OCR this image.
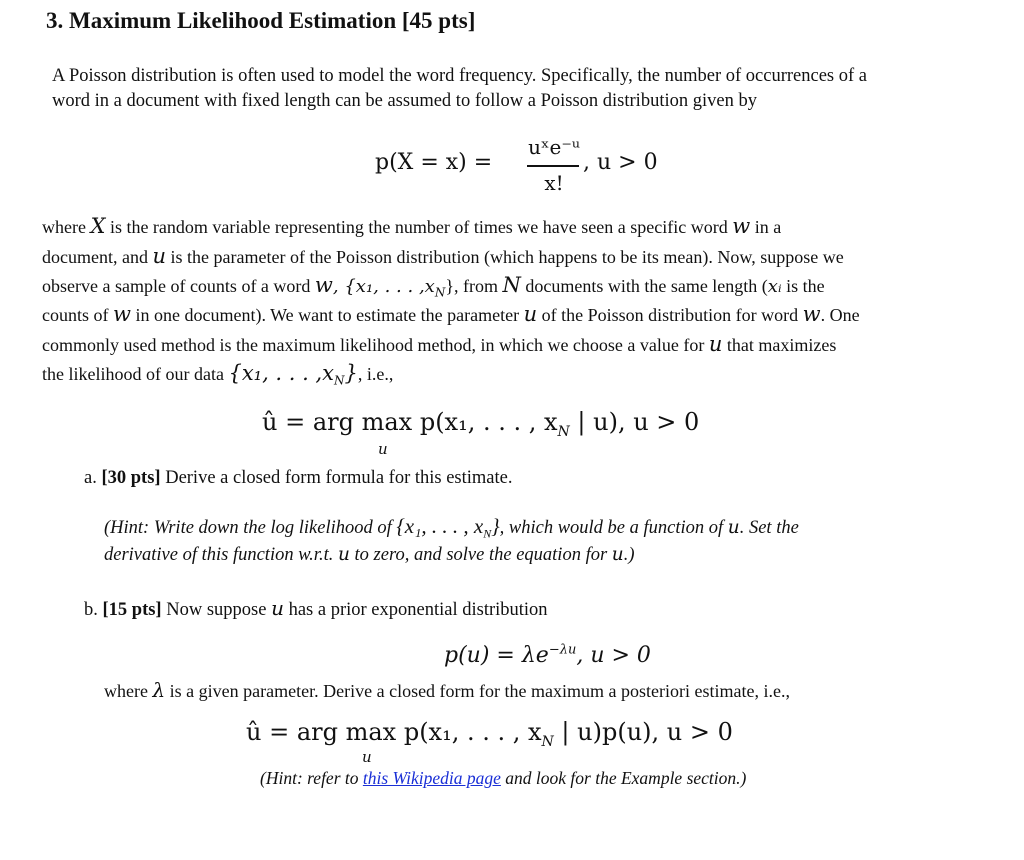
3. Maximum Likelihood Estimation [45 pts]
A Poisson distribution is often used to model the word frequency. Specifically, the number of occurrences of a
word in a document with fixed length can be assumed to follow a Poisson distribution given by
p(X = x) =
uˣe⁻ᵘ
x!
, u > 0
where X is the random variable representing the number of times we have seen a specific word w in a
document, and u is the parameter of the Poisson distribution (which happens to be its mean). Now, suppose we
observe a sample of counts of a word w, {x₁, . . . $,x_N$}, from N documents with the same length (xᵢ is the
counts of w in one document). We want to estimate the parameter u of the Poisson distribution for word w. One
commonly used method is the maximum likelihood method, in which we choose a value for u that maximizes
the likelihood of our data {x₁, . . . $,x_N$}, i.e.,
û = arg max p(x₁, . . . , $x_N$ | u), u > 0
u
a. [30 pts] Derive a closed form formula for this estimate.
(Hint: Write down the log likelihood of {x₁, . . . , $x_N$}, which would be a function of u. Set the
derivative of this function w.r.t. u to zero, and solve the equation for u.)
b. [15 pts] Now suppose u has a prior exponential distribution
$p(u) = \lambda e^{-\lambda u}$, u > 0
where λ is a given parameter. Derive a closed form for the maximum a posteriori estimate, i.e.,
û = arg max p(x₁, . . . , $x_N$ | u)p(u), u > 0
u
(Hint: refer to this Wikipedia page and look for the Example section.)
